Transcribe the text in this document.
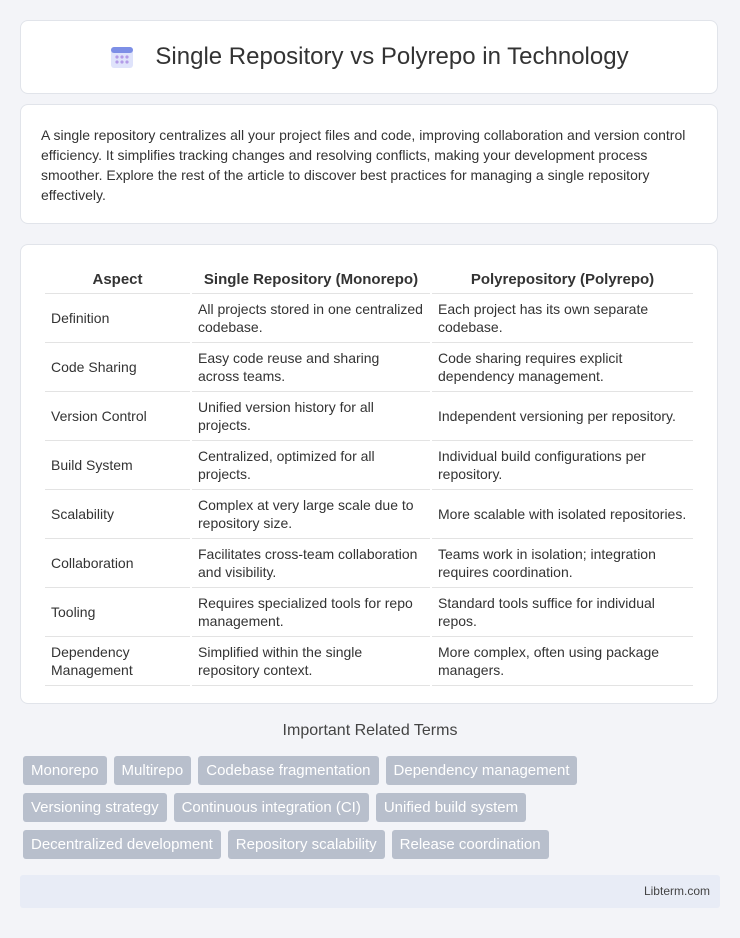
Single Repository vs Polyrepo in Technology

A single repository centralizes all your project files and code, improving collaboration and version control efficiency. It simplifies tracking changes and resolving conflicts, making your development process smoother. Explore the rest of the article to discover best practices for managing a single repository effectively.

Aspect	Single Repository (Monorepo)	Polyrepository (Polyrepo)
Definition	All projects stored in one centralized codebase.	Each project has its own separate codebase.
Code Sharing	Easy code reuse and sharing across teams.	Code sharing requires explicit dependency management.
Version Control	Unified version history for all projects.	Independent versioning per repository.
Build System	Centralized, optimized for all projects.	Individual build configurations per repository.
Scalability	Complex at very large scale due to repository size.	More scalable with isolated repositories.
Collaboration	Facilitates cross-team collaboration and visibility.	Teams work in isolation; integration requires coordination.
Tooling	Requires specialized tools for repo management.	Standard tools suffice for individual repos.
Dependency Management	Simplified within the single repository context.	More complex, often using package managers.
Important Related Terms
Monorepo	Multirepo	Codebase fragmentation	Dependency management
Versioning strategy	Continuous integration (CI)	Unified build system
Decentralized development	Repository scalability	Release coordination
Libterm.com
